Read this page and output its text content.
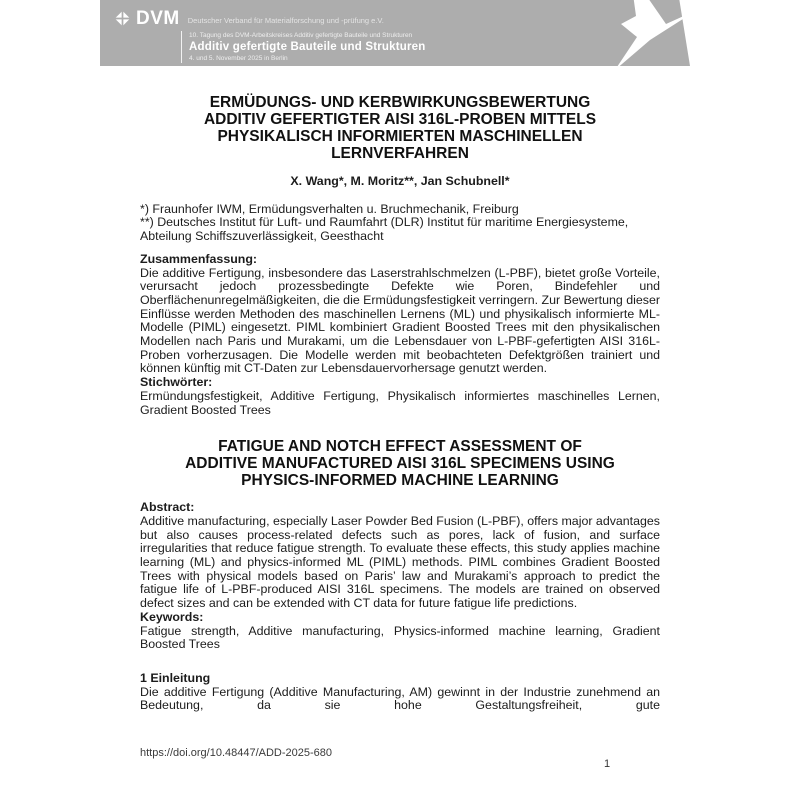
DVM Deutscher Verband für Materialforschung und -prüfung e.V.
10. Tagung des DVM-Arbeitskreises Additiv gefertigte Bauteile und Strukturen
Additiv gefertigte Bauteile und Strukturen
4. und 5. November 2025 in Berlin
ERMÜDUNGS- UND KERBWIRKUNGSBEWERTUNG
ADDITIV GEFERTIGTER AISI 316L-PROBEN MITTELS
PHYSIKALISCH INFORMIERTEN MASCHINELLEN
LERNVERFAHREN
X. Wang*, M. Moritz**, Jan Schubnell*
*) Fraunhofer IWM, Ermüdungsverhalten u. Bruchmechanik, Freiburg
**) Deutsches Institut für Luft- und Raumfahrt (DLR) Institut für maritime Energiesysteme, Abteilung Schiffszuverlässigkeit, Geesthacht
Zusammenfassung:
Die additive Fertigung, insbesondere das Laserstrahlschmelzen (L-PBF), bietet große Vorteile, verursacht jedoch prozessbedingte Defekte wie Poren, Bindefehler und Oberflächenunregelmäßigkeiten, die die Ermüdungsfestigkeit verringern. Zur Bewertung dieser Einflüsse werden Methoden des maschinellen Lernens (ML) und physikalisch informierte ML-Modelle (PIML) eingesetzt. PIML kombiniert Gradient Boosted Trees mit den physikalischen Modellen nach Paris und Murakami, um die Lebensdauer von L-PBF-gefertigten AISI 316L-Proben vorherzusagen. Die Modelle werden mit beobachteten Defektgrößen trainiert und können künftig mit CT-Daten zur Lebensdauervorhersage genutzt werden.
Stichwörter:
Ermündungsfestigkeit, Additive Fertigung, Physikalisch informiertes maschinelles Lernen, Gradient Boosted Trees
FATIGUE AND NOTCH EFFECT ASSESSMENT OF
ADDITIVE MANUFACTURED AISI 316L SPECIMENS USING
PHYSICS-INFORMED MACHINE LEARNING
Abstract:
Additive manufacturing, especially Laser Powder Bed Fusion (L-PBF), offers major advantages but also causes process-related defects such as pores, lack of fusion, and surface irregularities that reduce fatigue strength. To evaluate these effects, this study applies machine learning (ML) and physics-informed ML (PIML) methods. PIML combines Gradient Boosted Trees with physical models based on Paris’ law and Murakami’s approach to predict the fatigue life of L-PBF-produced AISI 316L specimens. The models are trained on observed defect sizes and can be extended with CT data for future fatigue life predictions.
Keywords:
Fatigue strength, Additive manufacturing, Physics-informed machine learning, Gradient Boosted Trees
1 Einleitung
Die additive Fertigung (Additive Manufacturing, AM) gewinnt in der Industrie zunehmend an Bedeutung, da sie hohe Gestaltungsfreiheit, gute
https://doi.org/10.48447/ADD-2025-680
1
